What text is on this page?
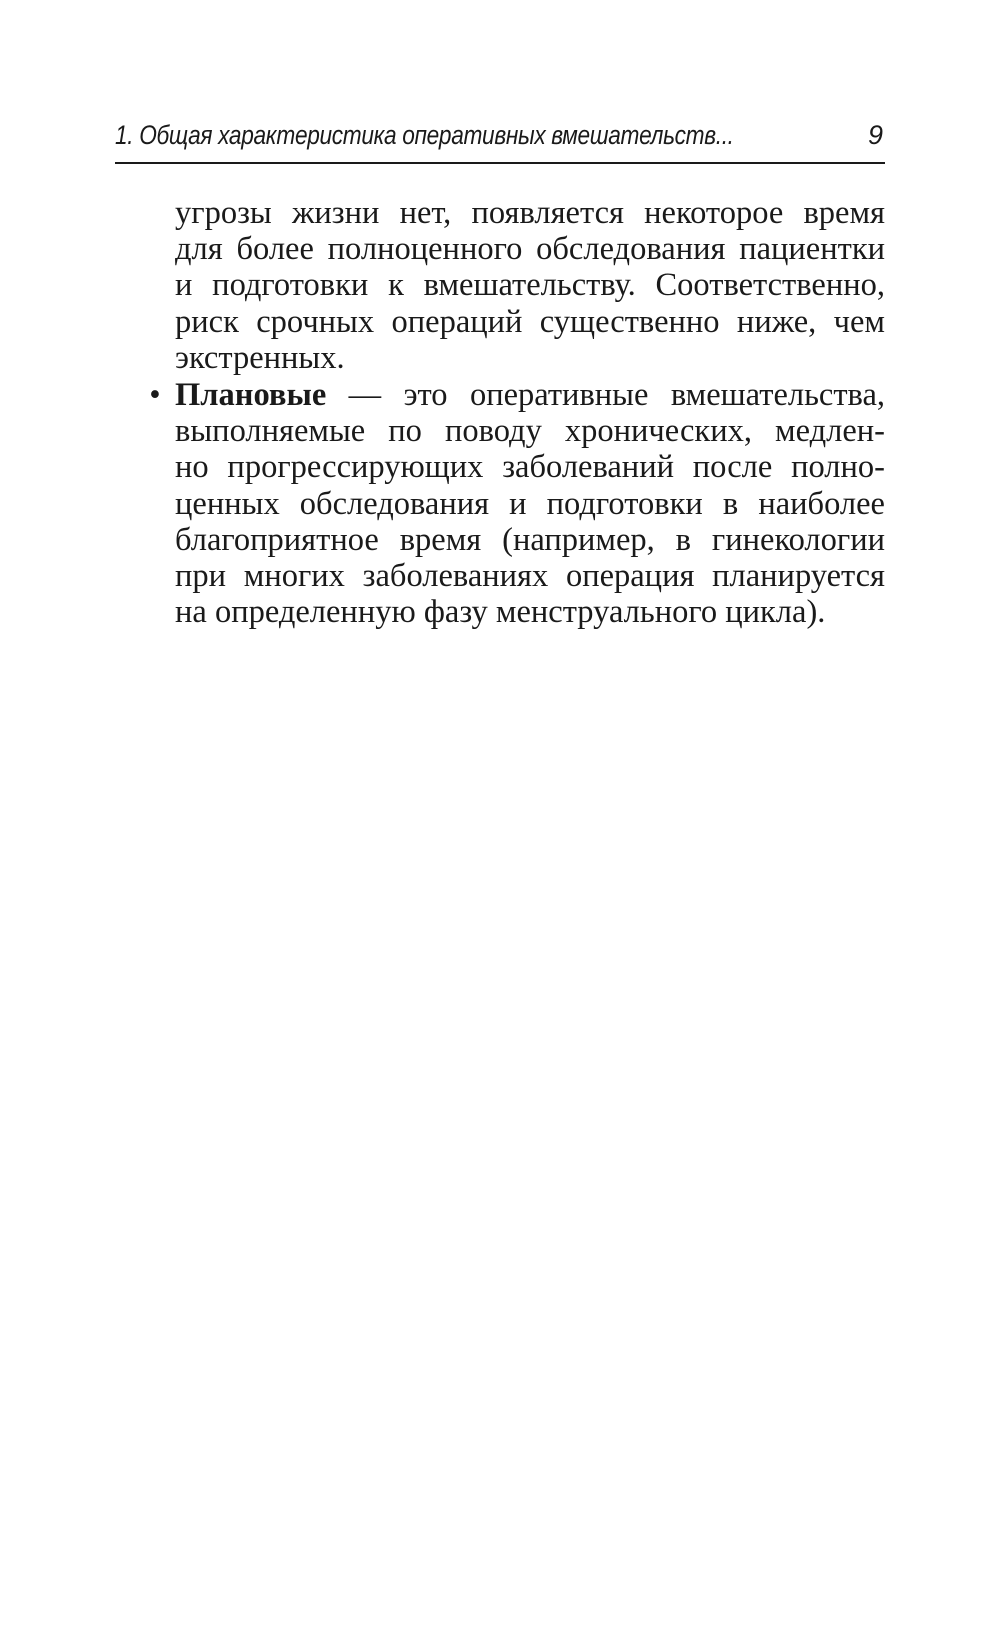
1. Общая характеристика оперативных вмешательств...	9
угрозы жизни нет, появляется некоторое время
для более полноценного обследования пациентки
и подготовки к вмешательству. Соответственно,
риск срочных операций существенно ниже, чем
экстренных.
• Плановые — это оперативные вмешательства,
выполняемые по поводу хронических, медлен-
но прогрессирующих заболеваний после полно-
ценных обследования и подготовки в наиболее
благоприятное время (например, в гинекологии
при многих заболеваниях операция планируется
на определенную фазу менструального цикла).
